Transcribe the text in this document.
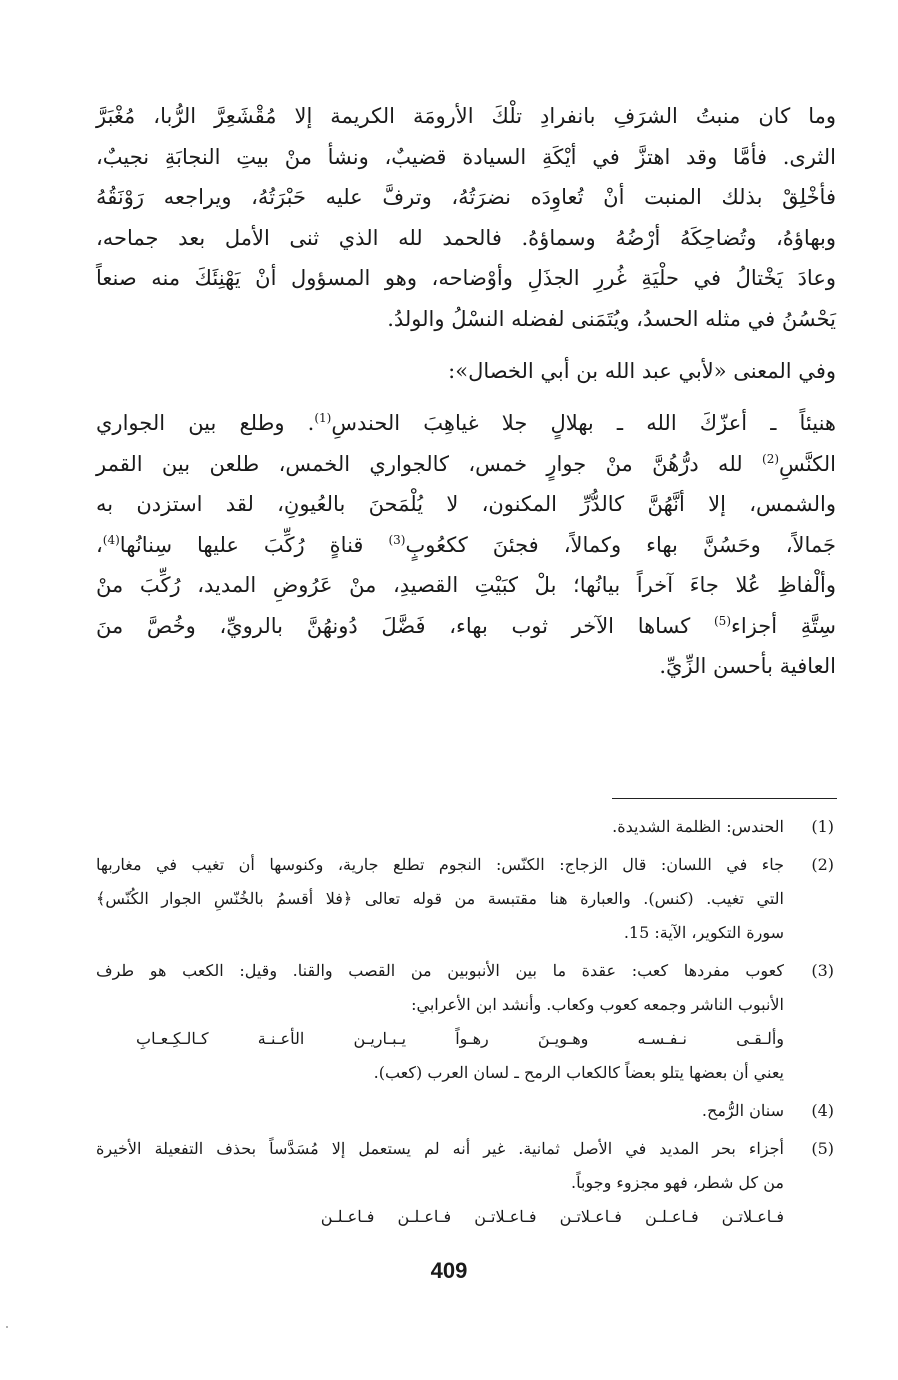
وما كان منبتُ الشرَفِ بانفرادِ تلْكَ الأرومَة الكريمة إلا مُقْشَعِرَّ الرُّبا، مُغْبَرَّ
الثرى. فأمَّا وقد اهتزَّ في أيْكَةِ السيادة قضيبٌ، ونشأ منْ بيتِ النجابَةِ نجيبٌ،
فأخْلِقْ بذلك المنبت أنْ تُعاوِدَه نضرَتُهُ، وترفَّ عليه حَبْرَتُهُ، ويراجعه رَوْنَقُهُ
وبهاؤهُ، وتُضاحِكَهُ أرْضُهُ وسماؤهُ. فالحمد لله الذي ثنى الأمل بعد جماحه،
وعادَ يَخْتالُ في حلْيَةِ غُررِ الجذَلِ وأوْضاحه، وهو المسؤول أنْ يَهْنِئَكَ منه صنعاً
يَحْسُنُ في مثله الحسدُ، ويُتَمَنى لفضله النسْلُ والولدُ.
وفي المعنى «لأبي عبد الله بن أبي الخصال»:
هنيئاً ـ أعزّكَ الله ـ بهلالٍ جلا غياهِبَ الحندسِ$^{(1)}$. وطلع بين الجواري
الكنَّسِ$^{(2)}$ لله درُّهُنَّ منْ جوارٍ خمس، كالجواري الخمس، طلعن بين القمر
والشمس، إلا أنَّهُنَّ كالدُّرِّ المكنون، لا يُلْمَحنَ بالعُيونِ، لقد استزدن به
جَمالاً، وحَسُنَّ بهاء وكمالاً، فجئنَ ككعُوبٍ$^{(3)}$ قناةٍ رُكِّبَ عليها سِنانُها$^{(4)}$،
وألْفاظِ عُلا جاءَ آخراً بيانُها؛ بلْ كبَيْتِ القصيدِ، منْ عَرُوضِ المديد، رُكِّبَ منْ
سِتَّةِ أجزاء$^{(5)}$ كساها الآخر ثوب بهاء، فَضَّلَ دُونهُنَّ بالرويِّ، وخُصَّ منَ
العافية بأحسن الزِّيِّ.
(1)
الحندس: الظلمة الشديدة.
(2)
جاء في اللسان: قال الزجاج: الكنّس: النجوم تطلع جارية، وكنوسها أن تغيب في مغاربها
التي تغيب. (كنس). والعبارة هنا مقتبسة من قوله تعالى ﴿فلا أقسمُ بالخُنّسِ الجوار الكُنّس﴾
سورة التكوير، الآية: 15.
(3)
كعوب مفردها كعب: عقدة ما بين الأنبوبين من القصب والقنا. وقيل: الكعب هو طرف
الأنبوب الناشر وجمعه كعوب وكعاب. وأنشد ابن الأعرابي:
وألـقـى نـفـسـه وهـويـنَ رهـواً يـبـاريـن الأعـنـة كـالـكِـعـابِ
يعني أن بعضها يتلو بعضاً كالكعاب الرمح ـ لسان العرب (كعب).
(4)
سنان الرُّمح.
(5)
أجزاء بحر المديد في الأصل ثمانية. غير أنه لم يستعمل إلا مُسَدَّساً بحذف التفعيلة الأخيرة
من كل شطر، فهو مجزوء وجوباً.
فـاعـلاتـن فـاعـلـن فـاعـلاتـن فـاعـلاتـن فـاعـلـن فـاعـلـن
409
